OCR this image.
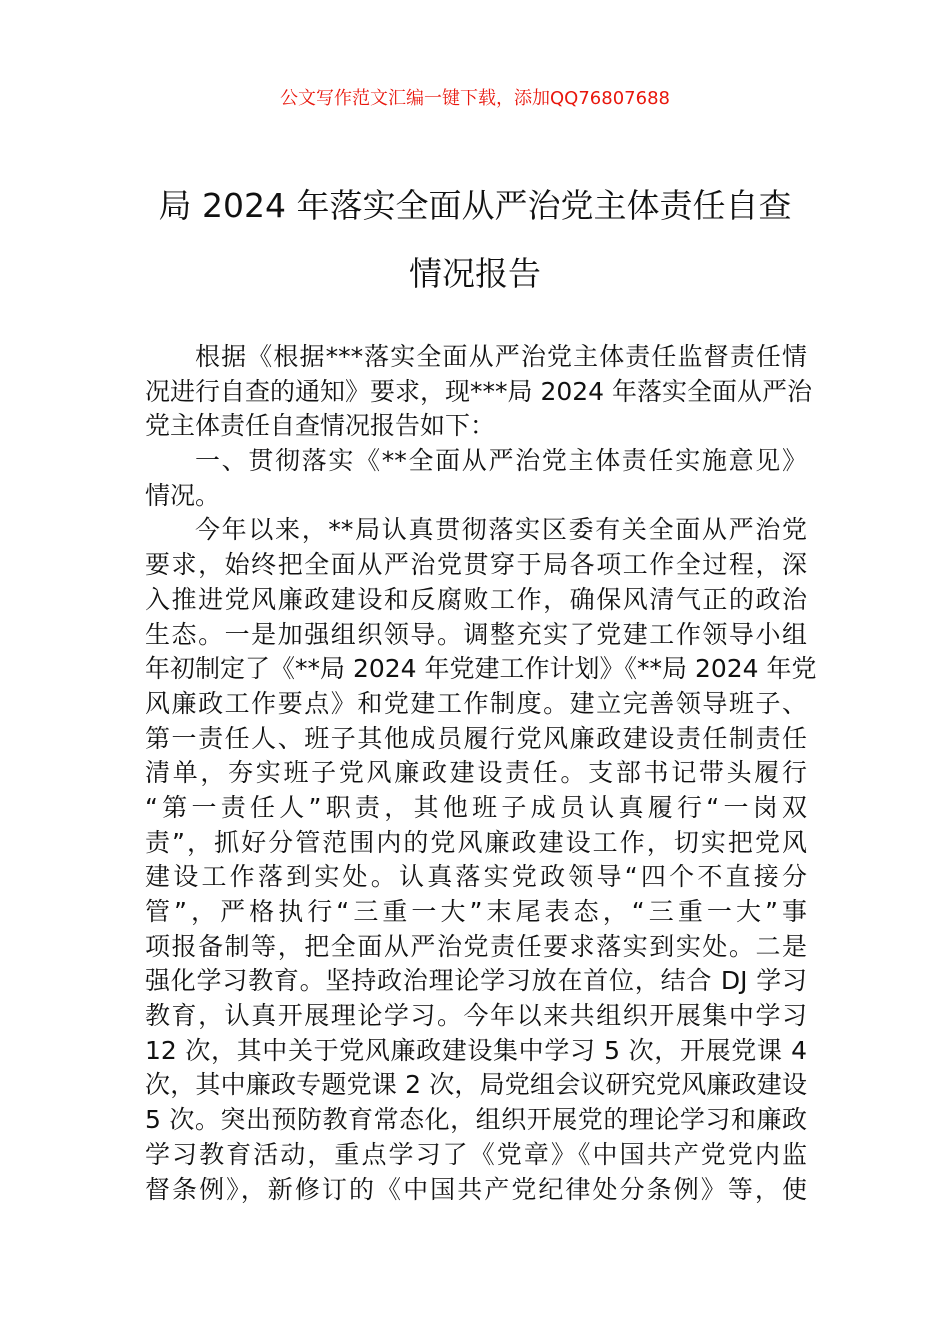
公文写作范文汇编一键下载，添加QQ76807688
局 2024 年落实全面从严治党主体责任自查
情况报告
根据《根据***落实全面从严治党主体责任监督责任情
况进行自查的通知》要求，现***局 2024 年落实全面从严治
党主体责任自查情况报告如下：
一、贯彻落实《**全面从严治党主体责任实施意见》
情况。
今年以来，**局认真贯彻落实区委有关全面从严治党
要求，始终把全面从严治党贯穿于局各项工作全过程，深
入推进党风廉政建设和反腐败工作，确保风清气正的政治
生态。一是加强组织领导。调整充实了党建工作领导小组
年初制定了《**局 2024 年党建工作计划》《**局 2024 年党
风廉政工作要点》和党建工作制度。建立完善领导班子、
第一责任人、班子其他成员履行党风廉政建设责任制责任
清单，夯实班子党风廉政建设责任。支部书记带头履行
“第一责任人”职责，其他班子成员认真履行“一岗双
责”，抓好分管范围内的党风廉政建设工作，切实把党风
建设工作落到实处。认真落实党政领导“四个不直接分
管”，严格执行“三重一大”末尾表态，“三重一大”事
项报备制等，把全面从严治党责任要求落实到实处。二是
强化学习教育。坚持政治理论学习放在首位，结合 DJ 学习
教育，认真开展理论学习。今年以来共组织开展集中学习
12 次，其中关于党风廉政建设集中学习 5 次，开展党课 4
次，其中廉政专题党课 2 次，局党组会议研究党风廉政建设
5 次。突出预防教育常态化，组织开展党的理论学习和廉政
学习教育活动，重点学习了《党章》《中国共产党党内监
督条例》，新修订的《中国共产党纪律处分条例》等，使
